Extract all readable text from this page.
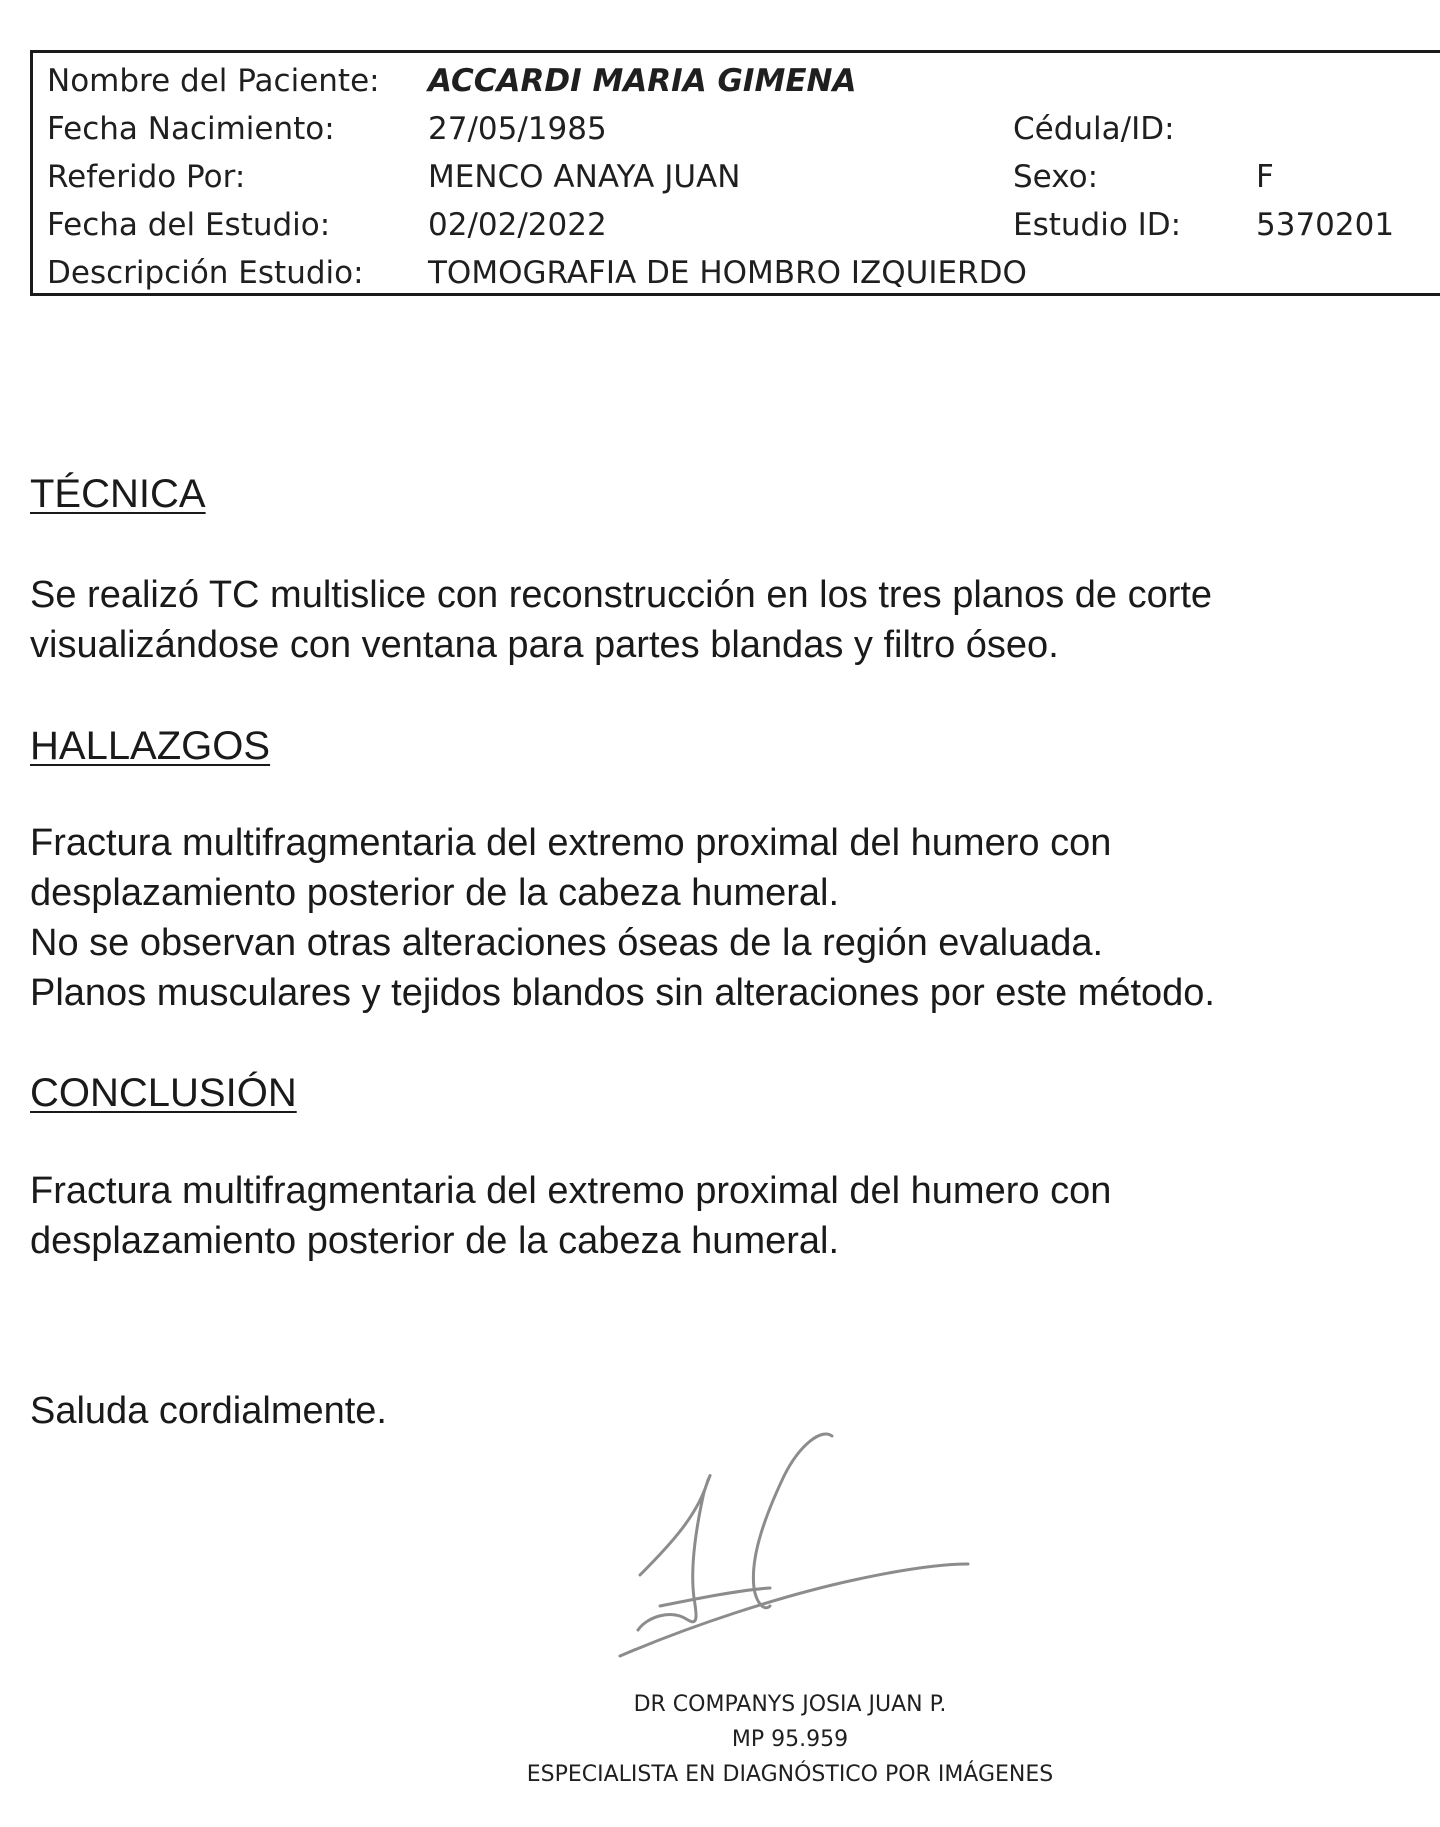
Nombre del Paciente: ACCARDI MARIA GIMENA
Fecha Nacimiento:	27/05/1985	Cédula/ID:
Referido Por:	MENCO ANAYA JUAN	Sexo:	F
Fecha del Estudio:	02/02/2022	Estudio ID: 5370201
Descripción Estudio: TOMOGRAFIA DE HOMBRO IZQUIERDO
TÉCNICA
Se realizó TC multislice con reconstrucción en los tres planos de corte
visualizándose con ventana para partes blandas y filtro óseo.
HALLAZGOS
Fractura multifragmentaria del extremo proximal del humero con
desplazamiento posterior de la cabeza humeral.
No se observan otras alteraciones óseas de la región evaluada.
Planos musculares y tejidos blandos sin alteraciones por este método.
CONCLUSIÓN
Fractura multifragmentaria del extremo proximal del humero con
desplazamiento posterior de la cabeza humeral.
Saluda cordialmente.
DR COMPANYS JOSIA JUAN P.
MP 95.959
ESPECIALISTA EN DIAGNÓSTICO POR IMÁGENES
